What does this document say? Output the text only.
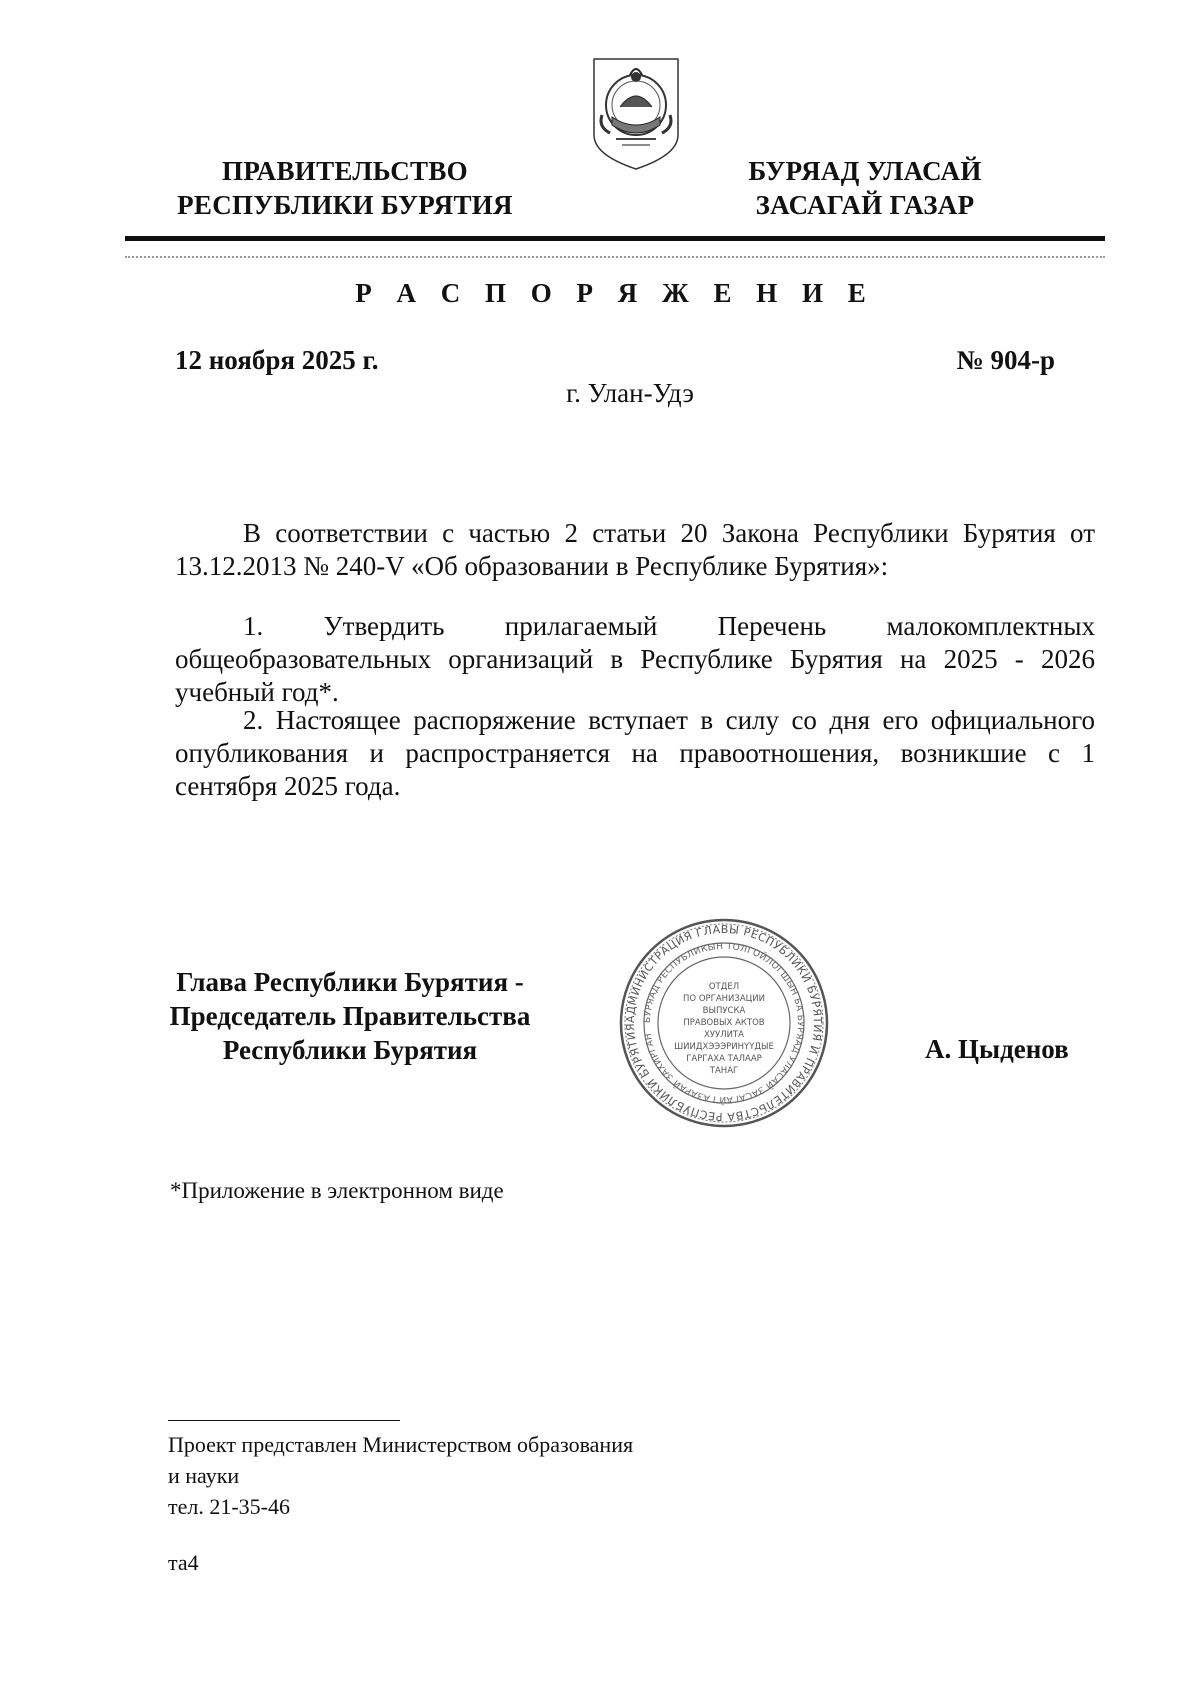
ПРАВИТЕЛЬСТВО
РЕСПУБЛИКИ БУРЯТИЯ
БУРЯАД УЛАСАЙ
ЗАСАГАЙ ГАЗАР
Р А С П О Р Я Ж Е Н И Е
12 ноября 2025 г.	№ 904-р
г. Улан-Удэ
В соответствии с частью 2 статьи 20 Закона Республики Бурятия от 13.12.2013 № 240-V «Об образовании в Республике Бурятия»:
1. Утвердить прилагаемый Перечень малокомплектных общеобразовательных организаций в Республике Бурятия на 2025 - 2026 учебный год*.
2. Настоящее распоряжение вступает в силу со дня его официального опубликования и распространяется на правоотношения, возникшие с 1 сентября 2025 года.
Глава Республики Бурятия -
Председатель Правительства
Республики Бурятия
АДМИНИСТРАЦИЯ ГЛАВЫ РЕСПУБЛИКИ БУРЯТИЯ И ПРАВИТЕЛЬСТВА РЕСПУБЛИКИ БУРЯТИЯ
БУРЯАД РЕСПУБЛИКЫН ТОЛГОЙЛОГШЫН БА БУРЯАД УЛАСАЙ ЗАСАГАЙ ГАЗАРАЙ ЗАХИРГАН
ОТДЕЛ
ПО ОРГАНИЗАЦИИ
ВЫПУСКА
ПРАВОВЫХ АКТОВ
ХУУЛИТА
ШИИДХЭЭЭРИНҮҮДЫЕ
ГАРГАХА ТАЛААР
ТАНАГ
А. Цыденов
*Приложение в электронном виде
Проект представлен Министерством образования
и науки
тел. 21-35-46
та4
